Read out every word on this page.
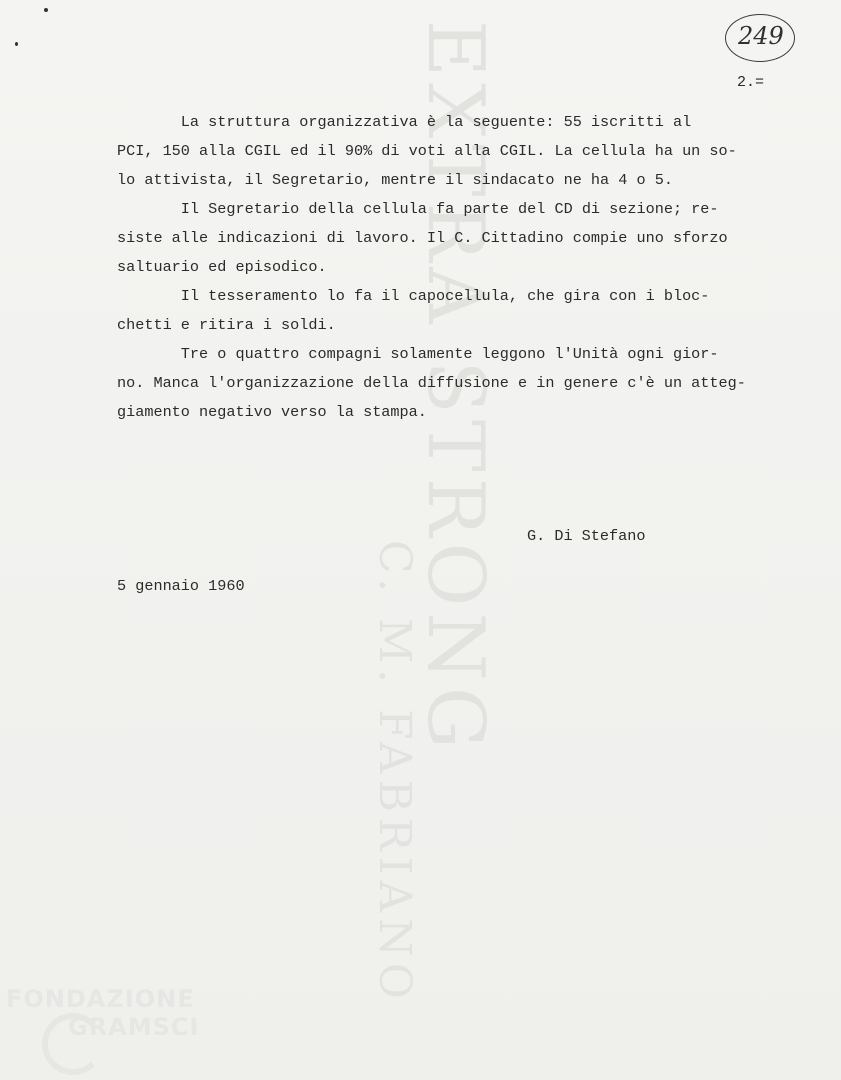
EXTRA STRONG
C. M. FABRIANO
249
2.=
La struttura organizzativa è la seguente: 55 iscritti al
PCI, 150 alla CGIL ed il 90% di voti alla CGIL. La cellula ha un so-
lo attivista, il Segretario, mentre il sindacato ne ha 4 o 5.
Il Segretario della cellula fa parte del CD di sezione; re-
siste alle indicazioni di lavoro. Il C. Cittadino compie uno sforzo
saltuario ed episodico.
Il tesseramento lo fa il capocellula, che gira con i bloc-
chetti e ritira i soldi.
Tre o quattro compagni solamente leggono l'Unità ogni gior-
no. Manca l'organizzazione della diffusione e in genere c'è un atteg-
giamento negativo verso la stampa.
G. Di Stefano
5 gennaio 1960
FONDAZIONE
GRAMSCI
